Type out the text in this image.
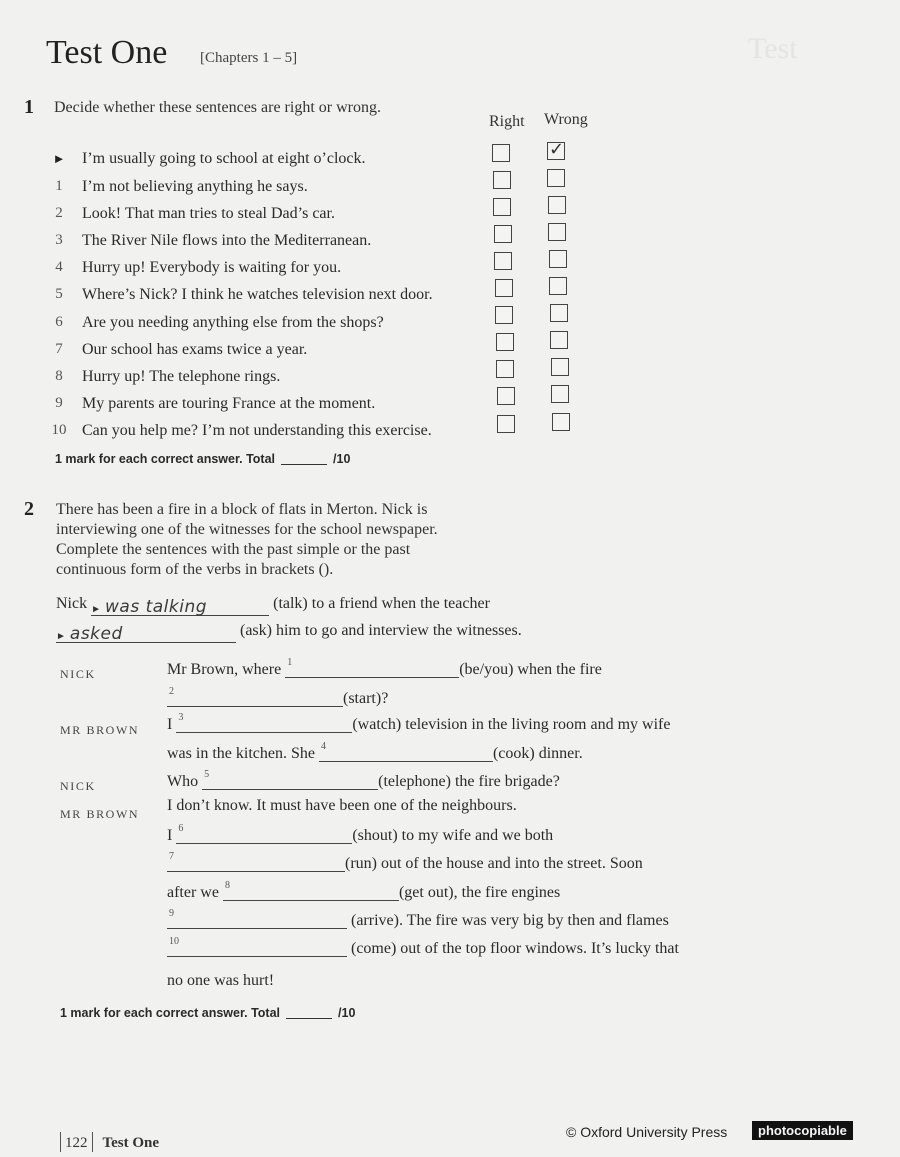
Test One [Chapters 1 – 5]	Test
1 Decide whether these sentences are right or wrong.
Right Wrong
► I’m usually going to school at eight o’clock.	✓
1	I’m not believing anything he says.
2	Look! That man tries to steal Dad’s car.
3	The River Nile flows into the Mediterranean.
4	Hurry up! Everybody is waiting for you.
5	Where’s Nick? I think he watches television next door.
6	Are you needing anything else from the shops?
7	Our school has exams twice a year.
8	Hurry up! The telephone rings.
9	My parents are touring France at the moment.
10 Can you help me? I’m not understanding this exercise.
1 mark for each correct answer. Total	/10
2 There has been a fire in a block of flats in Merton. Nick is
interviewing one of the witnesses for the school newspaper.
Complete the sentences with the past simple or the past
continuous form of the verbs in brackets ().
Nick ► was talking	(talk) to a friend when the teacher
► asked	(ask) him to go and interview the witnesses.
NICK	Mr Brown, where 1	(be/you) when the fire
2	(start)?
MR BROWN I 3	(watch) television in the living room and my wife
was in the kitchen. She 4	(cook) dinner.
NICK	Who 5	(telephone) the fire brigade?
MR BROWN I don’t know. It must have been one of the neighbours.
I 6	(shout) to my wife and we both
7	(run) out of the house and into the street. Soon
after we 8	(get out), the fire engines
9	(arrive). The fire was very big by then and flames
10	(come) out of the top floor windows. It’s lucky that
no one was hurt!
1 mark for each correct answer. Total	/10
122 Test One
© Oxford University Press	photocopiable
